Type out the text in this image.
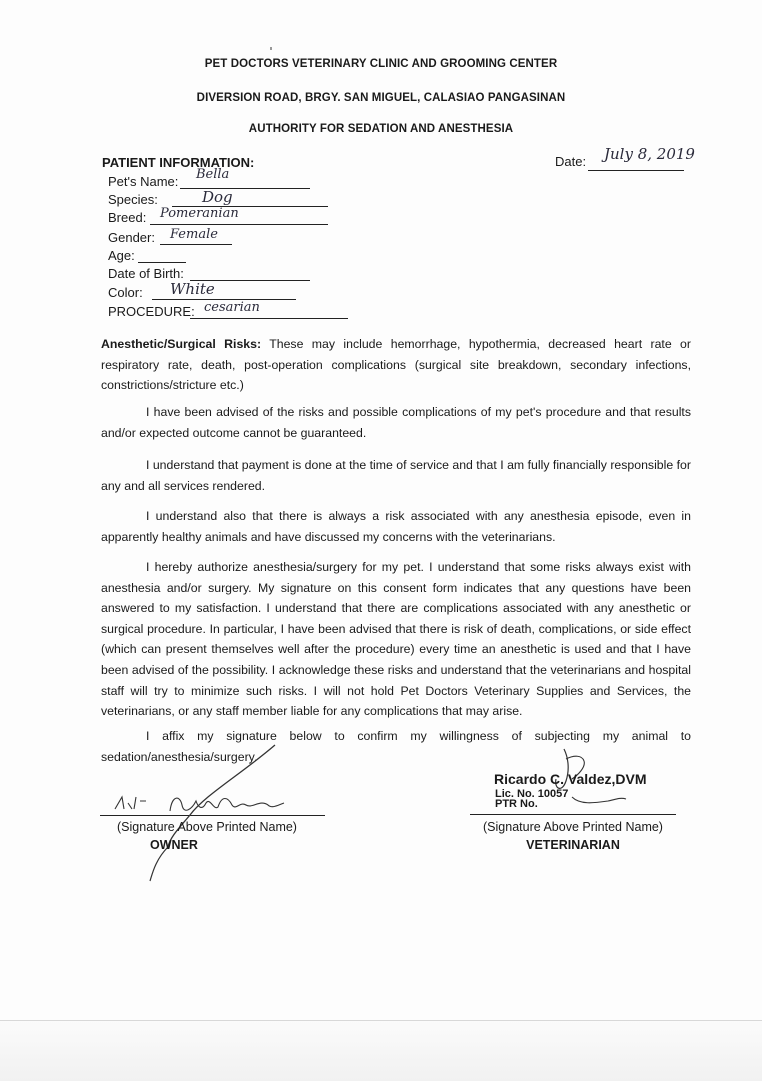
PET DOCTORS VETERINARY CLINIC AND GROOMING CENTER
DIVERSION ROAD, BRGY. SAN MIGUEL, CALASIAO PANGASINAN
AUTHORITY FOR SEDATION AND ANESTHESIA
PATIENT INFORMATION:	Date: July 8, 2019
Pet's Name: Bella
Species:	Dog
Breed: Pomeranian
Gender: Female
Age:
Date of Birth:
Color: White
PROCEDURE: cesarian
Anesthetic/Surgical Risks: These may include hemorrhage, hypothermia, decreased heart rate or respiratory rate, death, post-operation complications (surgical site breakdown, secondary infections, constrictions/stricture etc.)
I have been advised of the risks and possible complications of my pet's procedure and that results and/or expected outcome cannot be guaranteed.
I understand that payment is done at the time of service and that I am fully financially responsible for any and all services rendered.
I understand also that there is always a risk associated with any anesthesia episode, even in apparently healthy animals and have discussed my concerns with the veterinarians.
I hereby authorize anesthesia/surgery for my pet. I understand that some risks always exist with anesthesia and/or surgery. My signature on this consent form indicates that any questions have been answered to my satisfaction. I understand that there are complications associated with any anesthetic or surgical procedure. In particular, I have been advised that there is risk of death, complications, or side effect (which can present themselves well after the procedure) every time an anesthetic is used and that I have been advised of the possibility. I acknowledge these risks and understand that the veterinarians and hospital staff will try to minimize such risks. I will not hold Pet Doctors Veterinary Supplies and Services, the veterinarians, or any staff member liable for any complications that may arise.
I affix my signature below to confirm my willingness of subjecting my animal to sedation/anesthesia/surgery.
(Signature Above Printed Name)
OWNER
Ricardo C. Valdez,DVM
Lic. No. 10057
PTR No.
(Signature Above Printed Name)
VETERINARIAN
